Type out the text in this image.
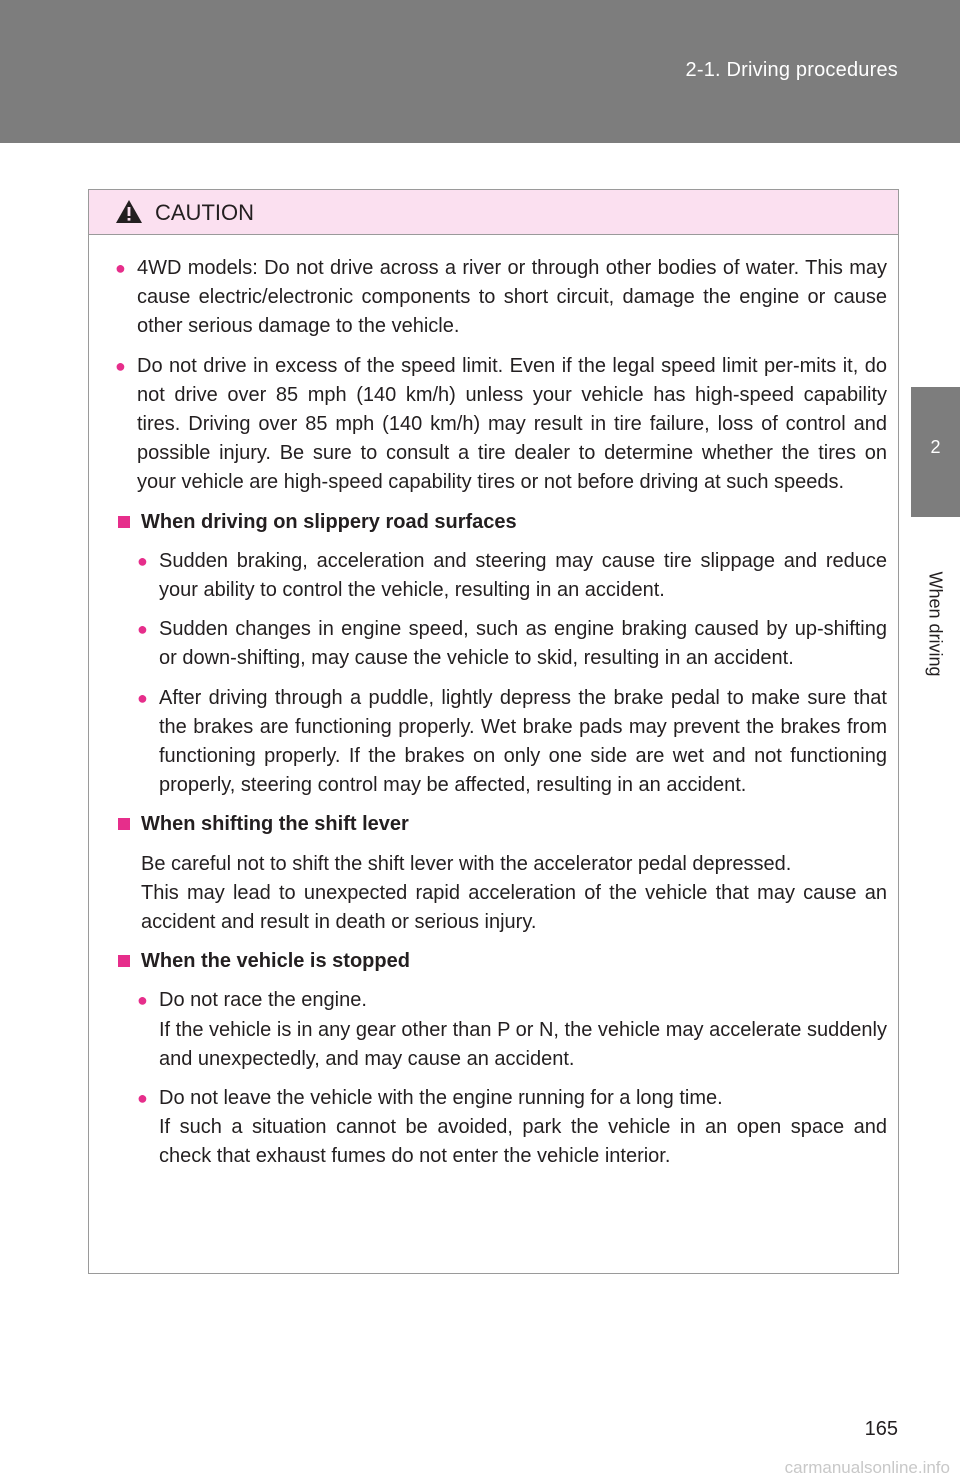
2-1. Driving procedures
2
When driving
CAUTION
● 4WD models: Do not drive across a river or through other bodies of water. This may cause electric/electronic components to short circuit, damage the engine or cause other serious damage to the vehicle.
● Do not drive in excess of the speed limit. Even if the legal speed limit per-mits it, do not drive over 85 mph (140 km/h) unless your vehicle has high-speed capability tires. Driving over 85 mph (140 km/h) may result in tire failure, loss of control and possible injury. Be sure to consult a tire dealer to determine whether the tires on your vehicle are high-speed capability tires or not before driving at such speeds.
When driving on slippery road surfaces
● Sudden braking, acceleration and steering may cause tire slippage and reduce your ability to control the vehicle, resulting in an accident.
● Sudden changes in engine speed, such as engine braking caused by up-shifting or down-shifting, may cause the vehicle to skid, resulting in an accident.
● After driving through a puddle, lightly depress the brake pedal to make sure that the brakes are functioning properly. Wet brake pads may prevent the brakes from functioning properly. If the brakes on only one side are wet and not functioning properly, steering control may be affected, resulting in an accident.
When shifting the shift lever
Be careful not to shift the shift lever with the accelerator pedal depressed.
This may lead to unexpected rapid acceleration of the vehicle that may cause an accident and result in death or serious injury.
When the vehicle is stopped
● Do not race the engine.
If the vehicle is in any gear other than P or N, the vehicle may accelerate suddenly and unexpectedly, and may cause an accident.
● Do not leave the vehicle with the engine running for a long time.
If such a situation cannot be avoided, park the vehicle in an open space and check that exhaust fumes do not enter the vehicle interior.
165
carmanualsonline.info
